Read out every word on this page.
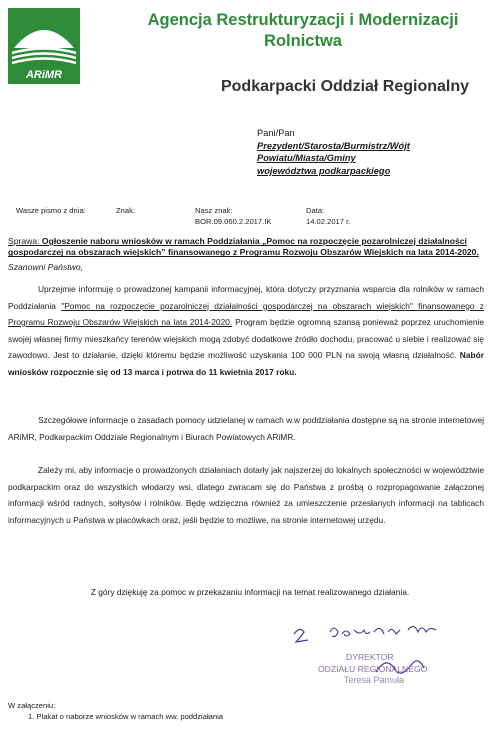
ARiMR
Agencja Restrukturyzacji i Modernizacji
Rolnictwa
Podkarpacki Oddział Regionalny
Pani/Pan
Prezydent/Starosta/Burmistrz/Wójt
Powiatu/Miasta/Gminy
województwa podkarpackiego
Wasze pismo z dnia:	Znak:	Nasz znak:
BOR.09.060.2.2017.IK
Data:
14.02.2017 r.
Sprawa: Ogłoszenie naboru wniosków w ramach Poddziałania „Pomoc na rozpoczęcie pozarolniczej działalności gospodarczej na obszarach wiejskich” finansowanego z Programu Rozwoju Obszarów Wiejskich na lata 2014-2020.
Szanowni Państwo,
Uprzejmie informuję o prowadzonej kampanii informacyjnej, która dotyczy przyznania wsparcia dla rolników w ramach Poddziałania "Pomoc na rozpoczęcie pozarolniczej działalności gospodarczej na obszarach wiejskich" finansowanego z Programu Rozwoju Obszarów Wiejskich na lata 2014-2020. Program będzie ogromną szansą ponieważ poprzez uruchomienie swojej własnej firmy mieszkańcy terenów wiejskich mogą zdobyć dodatkowe źródło dochodu, pracować u siebie i realizować się zawodowo. Jest to działanie, dzięki któremu będzie możliwość uzyskania 100 000 PLN na swoją własną działalność. Nabór wniosków rozpocznie się od 13 marca i potrwa do 11 kwietnia 2017 roku.
Szczegółowe informacje o zasadach pomocy udzielanej w ramach w.w poddziałania dostępne są na stronie internetowej ARiMR, Podkarpackim Oddziale Regionalnym i Biurach Powiatowych ARiMR.
Zależy mi, aby informacje o prowadzonych działaniach dotarły jak najszerzej do lokalnych społeczności w województwie podkarpackim oraz do wszystkich włodarzy wsi, dlatego zwracam się do Państwa z prośbą o rozpropagowanie załączonej informacji wśród radnych, sołtysów i rolników. Będę wdzięczna również za umieszczenie przesłanych informacji na tablicach informacyjnych u Państwa w placówkach oraz, jeśli będzie to możliwe, na stronie internetowej urzędu.
Z góry dziękuję za pomoc w przekazaniu informacji na temat realizowanego działania.
DYREKTOR
ODZIAŁU REGIONALNEGO
Teresa Pamuła
W załączeniu:
1. Plakat o naborze wniosków w ramach ww. poddziałania
